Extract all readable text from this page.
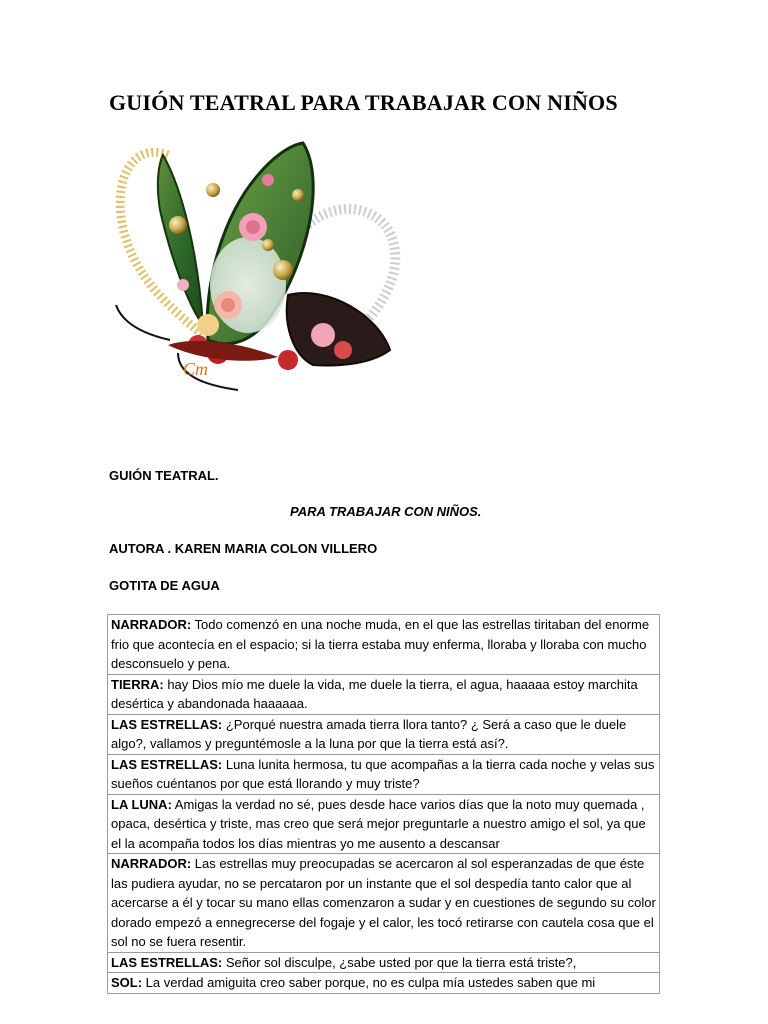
GUIÓN TEATRAL PARA TRABAJAR CON NIÑOS
Cm
GUIÓN TEATRAL.
PARA TRABAJAR CON NIÑOS.
AUTORA . KAREN MARIA COLON VILLERO
GOTITA DE AGUA
NARRADOR: Todo comenzó en una noche muda, en el que las estrellas tiritaban del enorme frio que acontecía en el espacio; si la tierra estaba muy enferma, lloraba y lloraba con mucho desconsuelo y pena.
TIERRA: hay Dios mío me duele la vida, me duele la tierra, el agua, haaaaa estoy marchita desértica y abandonada haaaaaa.
LAS ESTRELLAS: ¿Porqué nuestra amada tierra llora tanto? ¿ Será a caso que le duele algo?, vallamos y preguntémosle a la luna por que la tierra está así?.
LAS ESTRELLAS: Luna lunita hermosa, tu que acompañas a la tierra cada noche y velas sus sueños cuéntanos por que está llorando y muy triste?
LA LUNA: Amigas la verdad no sé, pues desde hace varios días que la noto muy quemada , opaca, desértica y triste, mas creo que será mejor preguntarle a nuestro amigo el sol, ya que el la acompaña todos los días mientras yo me ausento a descansar
NARRADOR: Las estrellas muy preocupadas se acercaron al sol esperanzadas de que éste las pudiera ayudar, no se percataron por un instante que el sol despedía tanto calor que al acercarse a él y tocar su mano ellas comenzaron a sudar y en cuestiones de segundo su color dorado empezó a ennegrecerse del fogaje y el calor, les tocó retirarse con cautela cosa que el sol no se fuera resentir.
LAS ESTRELLAS: Señor sol disculpe, ¿sabe usted por que la tierra está triste?,
SOL: La verdad amiguita creo saber porque, no es culpa mía ustedes saben que mi
